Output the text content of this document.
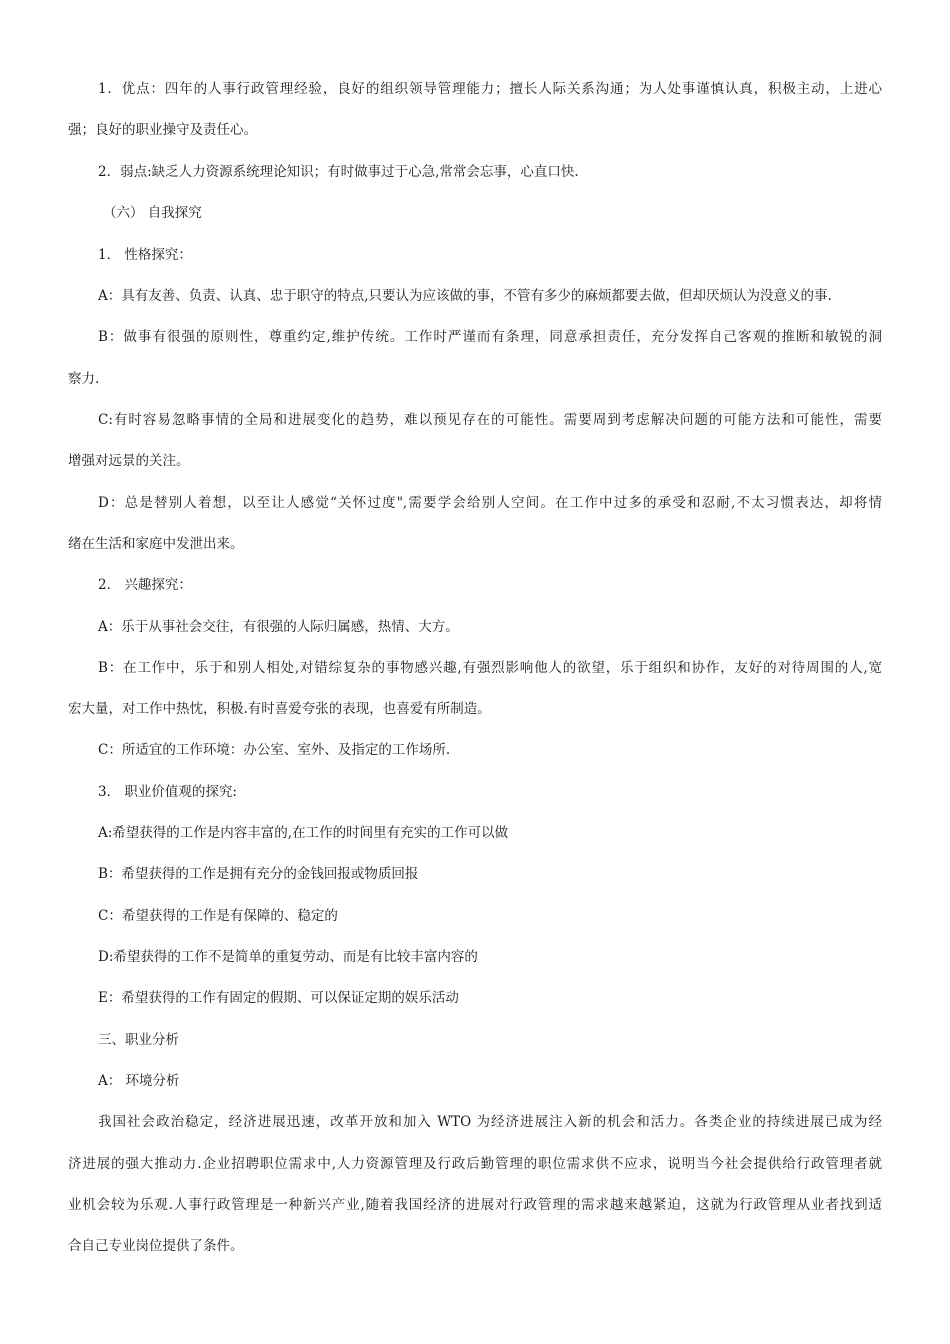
1．优点：四年的人事行政管理经验，良好的组织领导管理能力；擅长人际关系沟通；为人处事谨慎认真，积极主动，上进心
强；良好的职业操守及责任心。
2．弱点:缺乏人力资源系统理论知识；有时做事过于心急,常常会忘事，心直口快.
（六） 自我探究
1． 性格探究：
A：具有友善、负责、认真、忠于职守的特点,只要认为应该做的事，不管有多少的麻烦都要去做，但却厌烦认为没意义的事.
B：做事有很强的原则性，尊重约定,维护传统。工作时严谨而有条理，同意承担责任，充分发挥自己客观的推断和敏锐的洞
察力.
C:有时容易忽略事情的全局和进展变化的趋势，难以预见存在的可能性。需要周到考虑解决问题的可能方法和可能性，需要
增强对远景的关注。
D：总是替别人着想，以至让人感觉“关怀过度",需要学会给别人空间。在工作中过多的承受和忍耐,不太习惯表达，却将情
绪在生活和家庭中发泄出来。
2． 兴趣探究：
A：乐于从事社会交往，有很强的人际归属感，热情、大方。
B：在工作中，乐于和别人相处,对错综复杂的事物感兴趣,有强烈影响他人的欲望，乐于组织和协作，友好的对待周围的人,宽
宏大量，对工作中热忱，积极.有时喜爱夸张的表现，也喜爱有所制造。
C：所适宜的工作环境：办公室、室外、及指定的工作场所.
3． 职业价值观的探究:
A:希望获得的工作是内容丰富的,在工作的时间里有充实的工作可以做
B：希望获得的工作是拥有充分的金钱回报或物质回报
C：希望获得的工作是有保障的、稳定的
D:希望获得的工作不是简单的重复劳动、而是有比较丰富内容的
E：希望获得的工作有固定的假期、可以保证定期的娱乐活动
三、职业分析
A： 环境分析
我国社会政治稳定，经济进展迅速，改革开放和加入 WTO 为经济进展注入新的机会和活力。各类企业的持续进展已成为经
济进展的强大推动力.企业招聘职位需求中,人力资源管理及行政后勤管理的职位需求供不应求，说明当今社会提供给行政管理者就
业机会较为乐观.人事行政管理是一种新兴产业,随着我国经济的进展对行政管理的需求越来越紧迫，这就为行政管理从业者找到适
合自己专业岗位提供了条件。
